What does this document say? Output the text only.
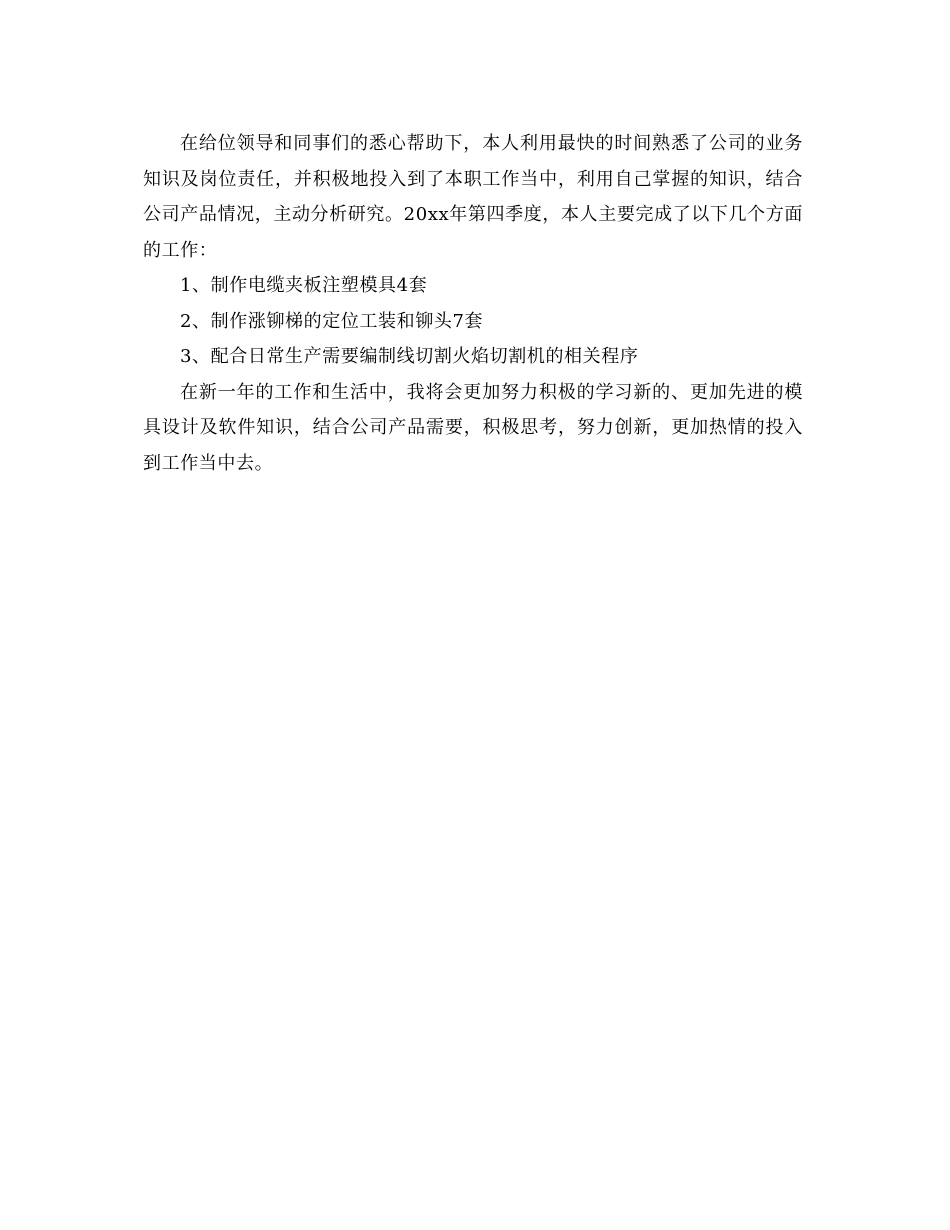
在给位领导和同事们的悉心帮助下，本人利用最快的时间熟悉了公司的业务知识及岗位责任，并积极地投入到了本职工作当中，利用自己掌握的知识，结合公司产品情况，主动分析研究。20xx年第四季度，本人主要完成了以下几个方面的工作：

1、制作电缆夹板注塑模具4套

2、制作涨铆梯的定位工装和铆头7套

3、配合日常生产需要编制线切割火焰切割机的相关程序

在新一年的工作和生活中，我将会更加努力积极的学习新的、更加先进的模具设计及软件知识，结合公司产品需要，积极思考，努力创新，更加热情的投入到工作当中去。
